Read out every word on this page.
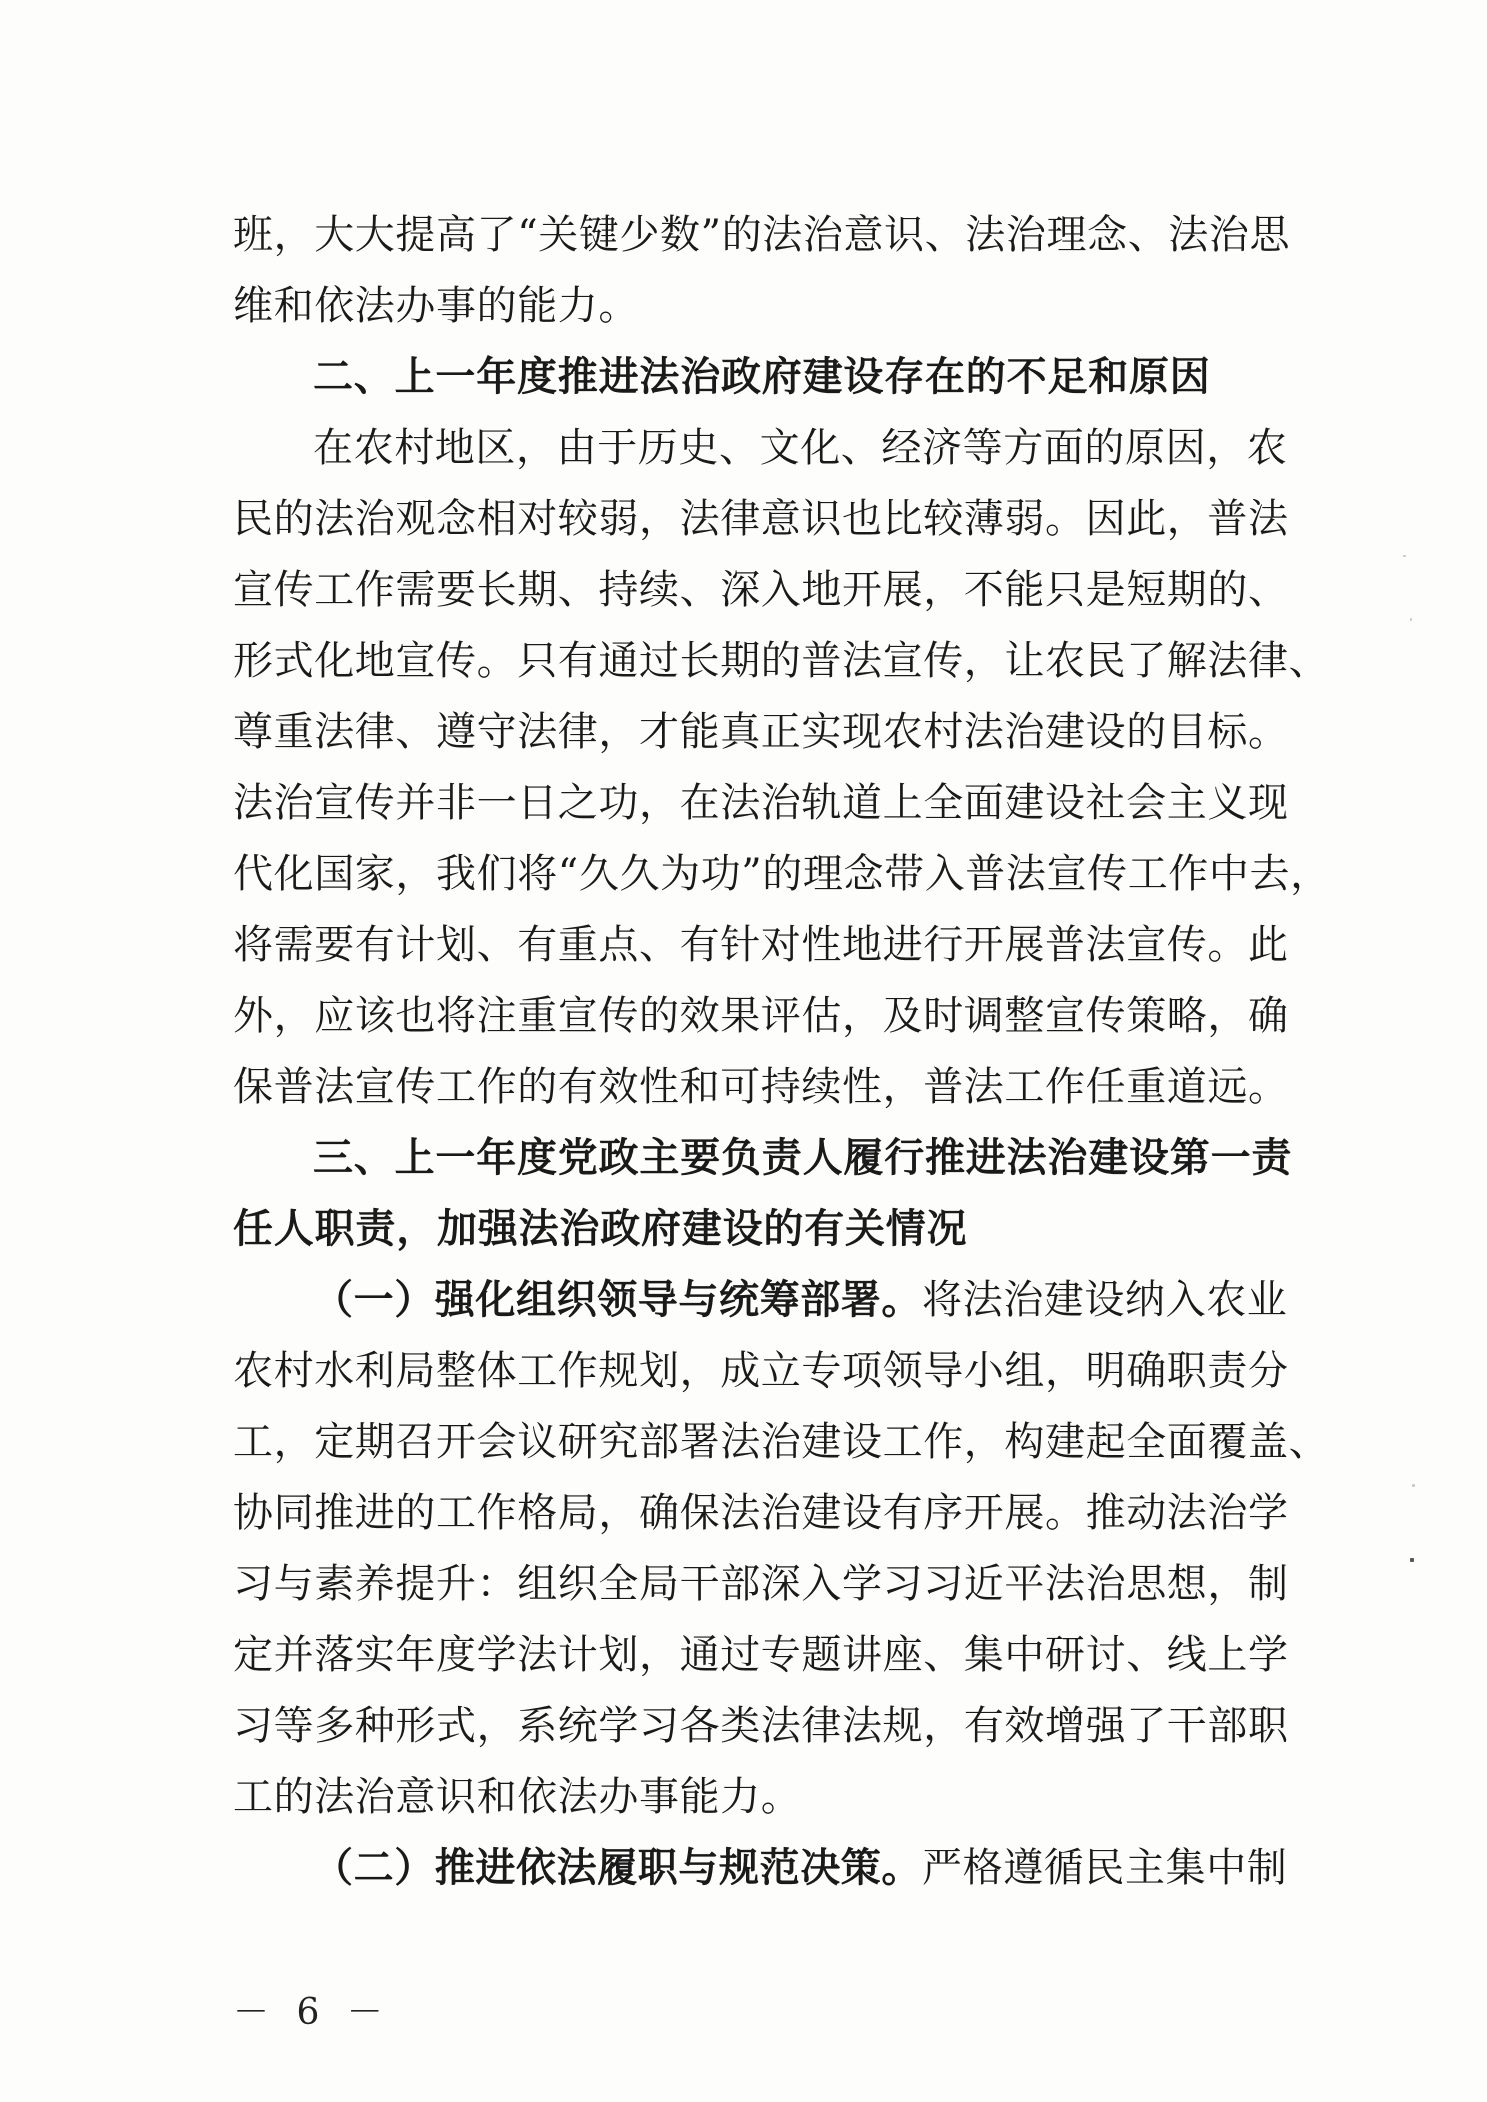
班，大大提高了“关键少数”的法治意识、法治理念、法治思
维和依法办事的能力。
二、上一年度推进法治政府建设存在的不足和原因
在农村地区，由于历史、文化、经济等方面的原因，农
民的法治观念相对较弱，法律意识也比较薄弱。因此，普法
宣传工作需要长期、持续、深入地开展，不能只是短期的、
形式化地宣传。只有通过长期的普法宣传，让农民了解法律、
尊重法律、遵守法律，才能真正实现农村法治建设的目标。
法治宣传并非一日之功，在法治轨道上全面建设社会主义现
代化国家，我们将“久久为功”的理念带入普法宣传工作中去，
将需要有计划、有重点、有针对性地进行开展普法宣传。此
外，应该也将注重宣传的效果评估，及时调整宣传策略，确
保普法宣传工作的有效性和可持续性，普法工作任重道远。
三、上一年度党政主要负责人履行推进法治建设第一责
任人职责，加强法治政府建设的有关情况
（一）强化组织领导与统筹部署。将法治建设纳入农业
农村水利局整体工作规划，成立专项领导小组，明确职责分
工，定期召开会议研究部署法治建设工作，构建起全面覆盖、
协同推进的工作格局，确保法治建设有序开展。推动法治学
习与素养提升：组织全局干部深入学习习近平法治思想，制
定并落实年度学法计划，通过专题讲座、集中研讨、线上学
习等多种形式，系统学习各类法律法规，有效增强了干部职
工的法治意识和依法办事能力。
（二）推进依法履职与规范决策。严格遵循民主集中制
－ 6 －
